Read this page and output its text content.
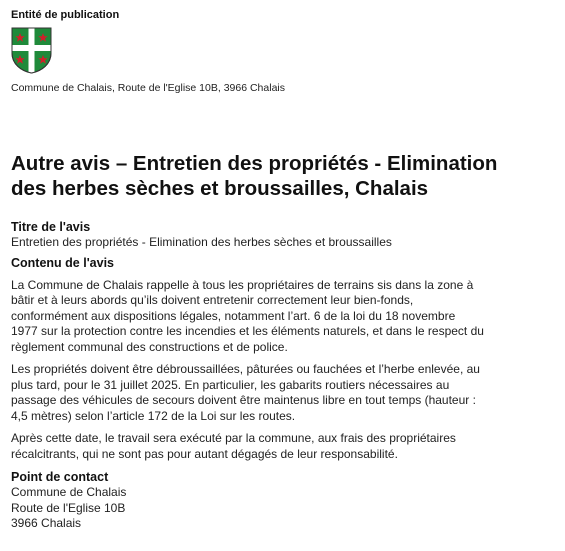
Entité de publication
Commune de Chalais, Route de l'Eglise 10B, 3966 Chalais
Autre avis – Entretien des propriétés - Elimination
des herbes sèches et broussailles, Chalais

Titre de l'avis

Entretien des propriétés - Elimination des herbes sèches et broussailles

Contenu de l'avis

La Commune de Chalais rappelle à tous les propriétaires de terrains sis dans la zone à

bâtir et à leurs abords qu’ils doivent entretenir correctement leur bien-fonds,

conformément aux dispositions légales, notamment l’art. 6 de la loi du 18 novembre

1977 sur la protection contre les incendies et les éléments naturels, et dans le respect du

règlement communal des constructions et de police.

Les propriétés doivent être débroussaillées, pâturées ou fauchées et l’herbe enlevée, au

plus tard, pour le 31 juillet 2025. En particulier, les gabarits routiers nécessaires au

passage des véhicules de secours doivent être maintenus libre en tout temps (hauteur :

4,5 mètres) selon l’article 172 de la Loi sur les routes.

Après cette date, le travail sera exécuté par la commune, aux frais des propriétaires

récalcitrants, qui ne sont pas pour autant dégagés de leur responsabilité.

Point de contact

Commune de Chalais

Route de l'Eglise 10B

3966 Chalais
